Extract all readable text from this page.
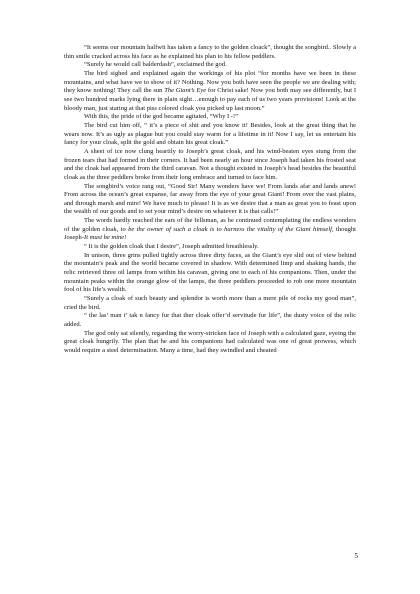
“It seems our mountain halfwit has taken a fancy to the golden cloack”, thought the songbird.. Slowly a thin smile cracked across his face as he explained his plan to his fellow peddlers.

“Surely he would call balderdash”, exclaimed the god.

The bird sighed and explained again the workings of his plot “for months have we been in these mountains, and what have we to show of it? Nothing. Now you both have seen the people we are dealing with; they know nothing! They call the sun The Giant’s Eye for Christ sake! Now you both may see differently, but I see two hundred marks lying there in plain sight…enough to pay each of us two years provisions! Look at the bloody man, just staring at that piss colored cloak you picked up last moon.”

With this, the pride of the god became agitated, “Why I -!”

The bird cut him off, “ it’s a piece of shit and you know it! Besides, look at the great thing that he wears now. It’s as ugly as plague but you could stay warm for a lifetime in it! Now I say, let us entertain his fancy for your cloak, split the gold and obtain his great cloak.”

A sheet of ice now clung heartily to Joseph’s great cloak, and his wind-beaten eyes stung from the frozen tears that had formed in their corners. It had been nearly an hour since Joseph had taken his frosted seat and the cloak had appeared from the third caravan. Not a thought existed in Joseph’s head besides the beautiful cloak as the three peddlers broke from their long embrace and turned to face him.

The songbird’s voice rang out, “Good Sir! Many wonders have we! From lands afar and lands anew! From across the ocean’s great expanse, far away from the eye of your great Giant! From over the vast plains, and through marsh and mire! We have much to please! It is as we desire that a man as great you to feast upon the wealth of our goods and to set your mind’s desire on whatever it is that calls!”

The words hardly reached the ears of the fellsman, as he continued contemplating the endless wonders of the golden cloak, to be the owner of such a cloak is to harness the vitality of the Giant himself, thought Joseph-It must be mine!

“ It is the golden cloak that I desire”, Joseph admitted breathlessly.

In unison, three grins pulled tightly across three dirty faces, as the Giant’s eye slid out of view behind the mountain’s peak and the world became covered in shadow. With determined limp and shaking hands, the relic retrieved three oil lamps from within his caravan, giving one to each of his companions. Then, under the mountain peaks within the orange glow of the lamps, the three peddlers proceeded to rob one more mountain fool of his life’s wealth.

“Surely a cloak of such beauty and splendor is worth more than a mere pile of rocks my good man”, cried the bird.

“ the las’ man t’ tak n fancy fur that ther cloak offer’d servitude fur life”, the dusty voice of the relic added.

The god only sat silently, regarding the worry-stricken face of Joseph with a calculated gaze, eyeing the great cloak hungrily. The plan that he and his companions had calculated was one of great prowess, which would require a steel determination. Many a time, had they swindled and cheated

5
